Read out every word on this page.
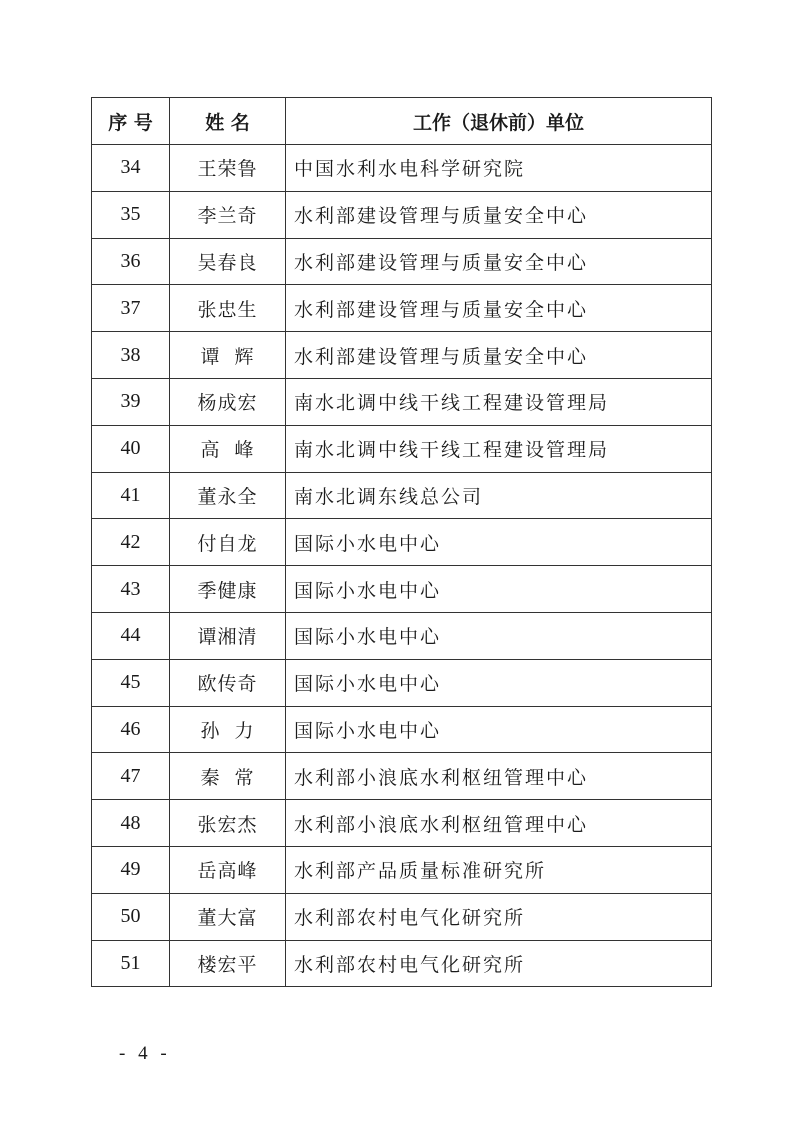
序 号	姓 名	工作（退休前）单位
34	王荣鲁	中国水利水电科学研究院
35	李兰奇	水利部建设管理与质量安全中心
36	吴春良	水利部建设管理与质量安全中心
37	张忠生	水利部建设管理与质量安全中心
38	谭  辉	水利部建设管理与质量安全中心
39	杨成宏	南水北调中线干线工程建设管理局
40	高  峰	南水北调中线干线工程建设管理局
41	董永全	南水北调东线总公司
42	付自龙	国际小水电中心
43	季健康	国际小水电中心
44	谭湘清	国际小水电中心
45	欧传奇	国际小水电中心
46	孙  力	国际小水电中心
47	秦  常	水利部小浪底水利枢纽管理中心
48	张宏杰	水利部小浪底水利枢纽管理中心
49	岳高峰	水利部产品质量标准研究所
50	董大富	水利部农村电气化研究所
51	楼宏平	水利部农村电气化研究所
- 4 -
